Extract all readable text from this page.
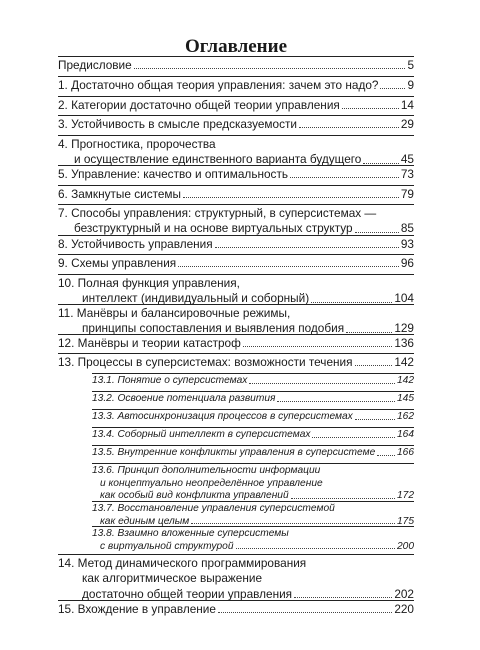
Оглавление
Предисловие	5
1. Достаточно общая теория управления: зачем это надо? 9
2. Категории достаточно общей теории управления	14
3. Устойчивость в смысле предсказуемости	29
4. Прогностика, пророчества
и осуществление единственного варианта будущего	45
5. Управление: качество и оптимальность	73
6. Замкнутые системы	79
7. Способы управления: структурный, в суперсистемах —
безструктурный и на основе виртуальных структур	85
8. Устойчивость управления	93
9. Схемы управления	96
10. Полная функция управления,
интеллект (индивидуальный и соборный)	104
11. Манёвры и балансировочные режимы,
принципы сопоставления и выявления подобия	129
12. Манёвры и теории катастроф	136
13. Процессы в суперсистемах: возможности течения	142
13.1. Понятие о суперсистемах	142
13.2. Освоение потенциала развития	145
13.3. Автосинхронизация процессов в суперсистемах	162
13.4. Соборный интеллект в суперсистемах	164
13.5. Внутренние конфликты управления в суперсистеме 166
13.6. Принцип дополнительности информации
и концептуально неопределённое управление
как особый вид конфликта управлений	172
13.7. Восстановление управления суперсистемой
как единым целым	175
13.8. Взаимно вложенные суперсистемы
с виртуальной структурой	200
14. Метод динамического программирования
как алгоритмическое выражение
достаточно общей теории управления	202
15. Вхождение в управление	220
